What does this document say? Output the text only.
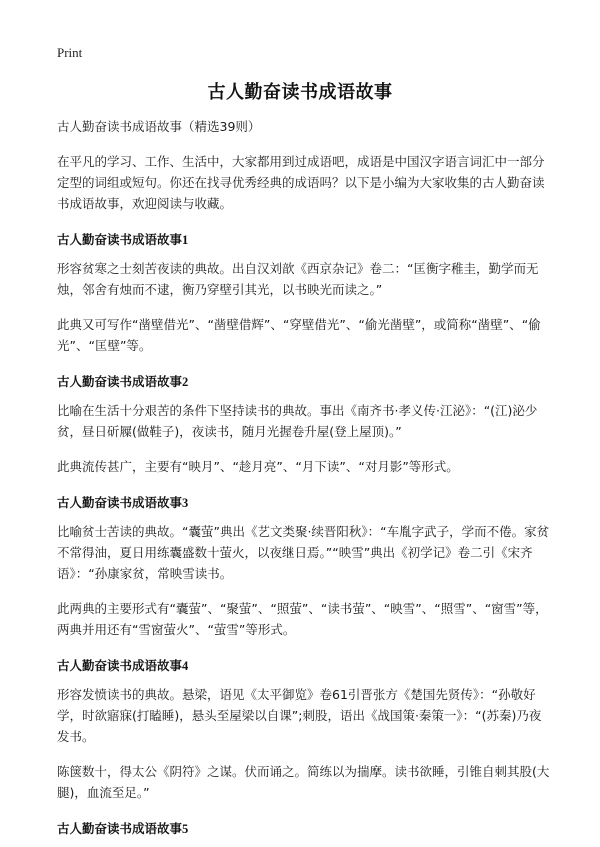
Print
古人勤奋读书成语故事

古人勤奋读书成语故事（精选39则）

在平凡的学习、工作、生活中，大家都用到过成语吧，成语是中国汉字语言词汇中一部分定型的词组或短句。你还在找寻优秀经典的成语吗？以下是小编为大家收集的古人勤奋读书成语故事，欢迎阅读与收藏。

古人勤奋读书成语故事1

形容贫寒之士刻苦夜读的典故。出自汉刘歆《西京杂记》卷二：“匡衡字稚圭，勤学而无烛，邻舍有烛而不逮，衡乃穿壁引其光，以书映光而读之。”

此典又可写作“凿壁借光”、“凿壁借辉”、“穿壁借光”、“偷光凿壁”，或简称“凿壁”、“偷光”、“匡壁”等。

古人勤奋读书成语故事2

比喻在生活十分艰苦的条件下坚持读书的典故。事出《南齐书·孝义传·江泌》：“(江)泌少贫，昼日斫屧(做鞋子)，夜读书，随月光握卷升屋(登上屋顶)。”

此典流传甚广，主要有“映月”、“趁月亮”、“月下读”、“对月影”等形式。

古人勤奋读书成语故事3

比喻贫士苦读的典故。“囊萤”典出《艺文类聚·续晋阳秋》：“车胤字武子，学而不倦。家贫不常得油，夏日用练囊盛数十萤火，以夜继日焉。”“映雪”典出《初学记》卷二引《宋齐语》：“孙康家贫，常映雪读书。

此两典的主要形式有“囊萤”、“聚萤”、“照萤”、“读书萤”、“映雪”、“照雪”、“窗雪”等，两典并用还有“雪窗萤火”、“萤雪”等形式。

古人勤奋读书成语故事4

形容发愤读书的典故。悬梁，语见《太平御览》卷61引晋张方《楚国先贤传》：“孙敬好学，时欲寤寐(打瞌睡)，悬头至屋梁以自课”;刺股，语出《战国策·秦策一》：“(苏秦)乃夜发书。

陈箧数十，得太公《阴符》之谋。伏而诵之。简练以为揣摩。读书欲睡，引锥自刺其股(大腿)，血流至足。”

古人勤奋读书成语故事5
